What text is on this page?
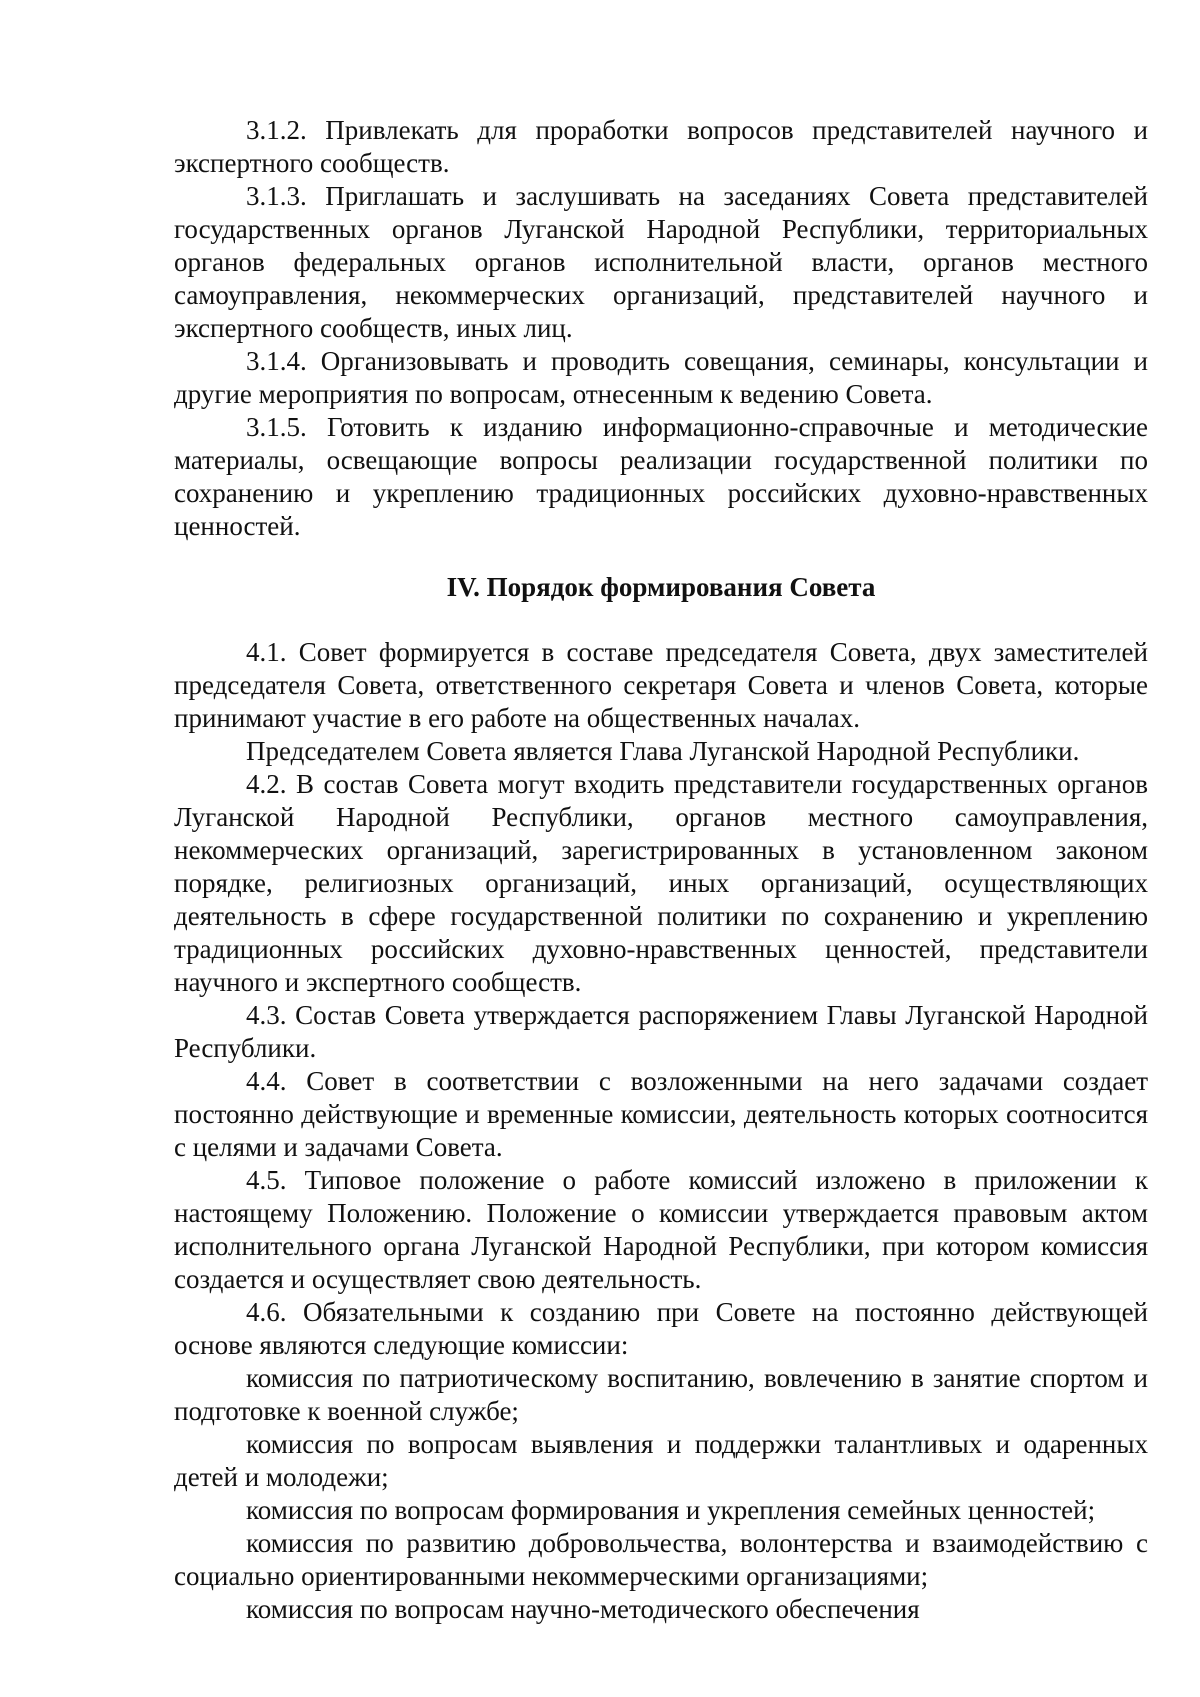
3.1.2. Привлекать для проработки вопросов представителей научного и экспертного сообществ.

3.1.3. Приглашать и заслушивать на заседаниях Совета представителей государственных органов Луганской Народной Республики, территориальных органов федеральных органов исполнительной власти, органов местного самоуправления, некоммерческих организаций, представителей научного и экспертного сообществ, иных лиц.

3.1.4. Организовывать и проводить совещания, семинары, консультации и другие мероприятия по вопросам, отнесенным к ведению Совета.

3.1.5. Готовить к изданию информационно-справочные и методические материалы, освещающие вопросы реализации государственной политики по сохранению и укреплению традиционных российских духовно-нравственных ценностей.

IV. Порядок формирования Совета

4.1. Совет формируется в составе председателя Совета, двух заместителей председателя Совета, ответственного секретаря Совета и членов Совета, которые принимают участие в его работе на общественных началах.

Председателем Совета является Глава Луганской Народной Республики.

4.2. В состав Совета могут входить представители государственных органов Луганской Народной Республики, органов местного самоуправления, некоммерческих организаций, зарегистрированных в установленном законом порядке, религиозных организаций, иных организаций, осуществляющих деятельность в сфере государственной политики по сохранению и укреплению традиционных российских духовно-нравственных ценностей, представители научного и экспертного сообществ.

4.3. Состав Совета утверждается распоряжением Главы Луганской Народной Республики.

4.4. Совет в соответствии с возложенными на него задачами создает постоянно действующие и временные комиссии, деятельность которых соотносится с целями и задачами Совета.

4.5. Типовое положение о работе комиссий изложено в приложении к настоящему Положению. Положение о комиссии утверждается правовым актом исполнительного органа Луганской Народной Республики, при котором комиссия создается и осуществляет свою деятельность.

4.6. Обязательными к созданию при Совете на постоянно действующей основе являются следующие комиссии:

комиссия по патриотическому воспитанию, вовлечению в занятие спортом и подготовке к военной службе;

комиссия по вопросам выявления и поддержки талантливых и одаренных детей и молодежи;

комиссия по вопросам формирования и укрепления семейных ценностей;

комиссия по развитию добровольчества, волонтерства и взаимодействию с социально ориентированными некоммерческими организациями;

комиссия по вопросам научно-методического обеспечения
